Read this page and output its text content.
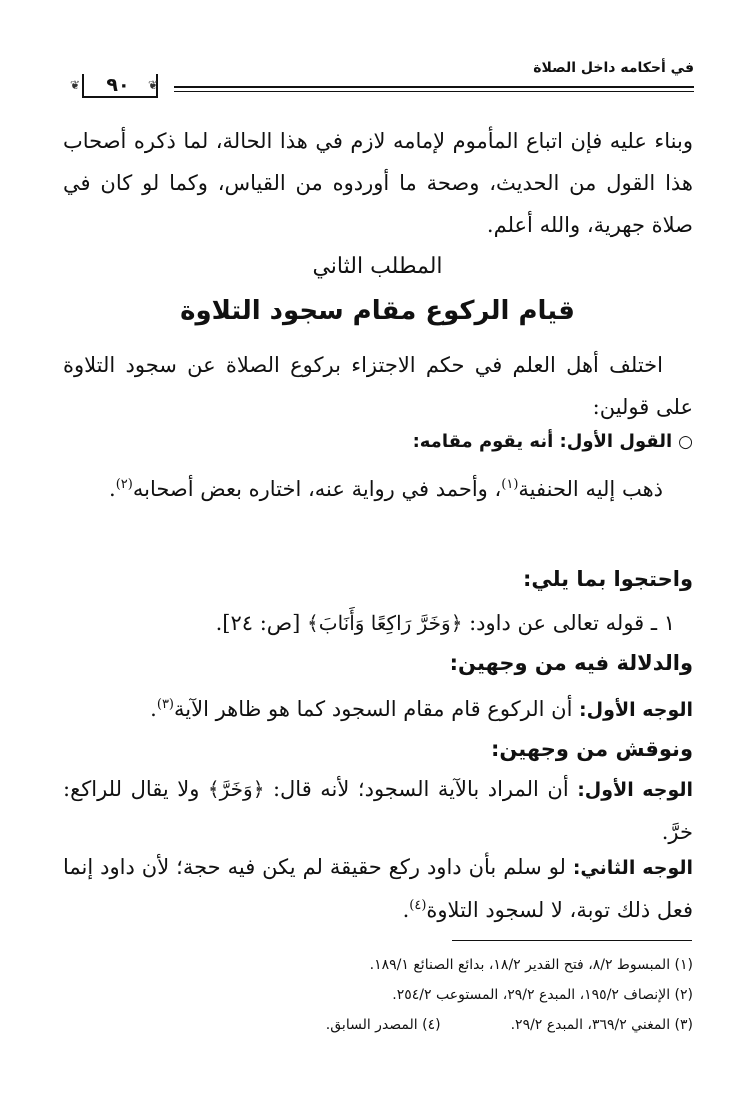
في أحكامه داخل الصلاة
❦	❦
٩٠
وبناء عليه فإن اتباع المأموم لإمامه لازم في هذا الحالة، لما ذكره أصحاب هذا القول من الحديث، وصحة ما أوردوه من القياس، وكما لو كان في صلاة جهرية، والله أعلم.
المطلب الثاني
قيام الركوع مقام سجود التلاوة
اختلف أهل العلم في حكم الاجتزاء بركوع الصلاة عن سجود التلاوة على قولين:
○القول الأول: أنه يقوم مقامه:
ذهب إليه الحنفية$^{(١)}$، وأحمد في رواية عنه، اختاره بعض أصحابه$^{(٢)}$.
واحتجوا بما يلي:
١ ـ قوله تعالى عن داود: ﴿وَخَرَّ رَاكِعًا وَأَنَابَ﴾ [ص: ٢٤].
والدلالة فيه من وجهين:
الوجه الأول: أن الركوع قام مقام السجود كما هو ظاهر الآية$^{(٣)}$.
ونوقش من وجهين:
الوجه الأول: أن المراد بالآية السجود؛ لأنه قال: ﴿وَخَرَّ﴾ ولا يقال للراكع: خرَّ.
الوجه الثاني: لو سلم بأن داود ركع حقيقة لم يكن فيه حجة؛ لأن داود إنما فعل ذلك توبة، لا لسجود التلاوة$^{(٤)}$.
(١) المبسوط ٨/٢، فتح القدير ١٨/٢، بدائع الصنائع ١٨٩/١.
(٢) الإنصاف ١٩٥/٢، المبدع ٢٩/٢، المستوعب ٢٥٤/٢.
(٣) المغني ٣٦٩/٢، المبدع ٢٩/٢.(٤) المصدر السابق.
